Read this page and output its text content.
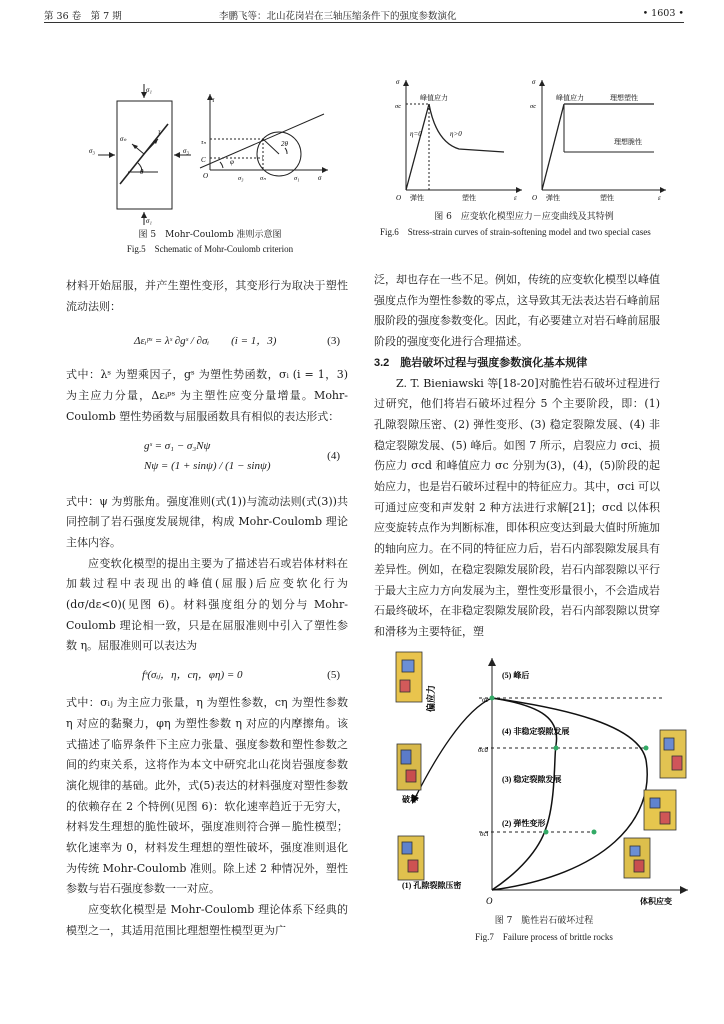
第 36 卷　第 7 期	李鹏飞等：北山花岗岩在三轴压缩条件下的强度参数演化	• 1603 •
σ₁
σ₁
σ₃	σ₃
σₙ
τ
θ
τ
τₙ
C
O
φ
2θ
σ₃	σₙ	σ₁	σ
图 5　Mohr-Coulomb 准则示意图
Fig.5　Schematic of Mohr-Coulomb criterion
σ
σc
峰值应力
η=0	η>0
O 弹性	塑性	ε
σ
σc
峰值应力	理想塑性
理想脆性
O 弹性	塑性	ε
图 6　应变软化模型应力－应变曲线及其特例
Fig.6　Stress-strain curves of strain-softening model and two special cases

材料开始屈服，并产生塑性变形，其变形行为取决于塑性流动法则：

Δεᵢᵖˢ = λˢ ∂gˢ / ∂σᵢ　　(i = 1，3)	(3)

式中：λˢ 为塑乘因子，gˢ 为塑性势函数，σᵢ (i = 1，3) 为主应力分量，Δεᵢᵖˢ 为主塑性应变分量增量。Mohr-Coulomb 塑性势函数与屈服函数具有相似的表达形式：

gˢ = σ₁ − σ₃Nψ
Nψ = (1 + sinψ) / (1 − sinψ)
(4)

式中：ψ 为剪胀角。强度准则(式(1))与流动法则(式(3))共同控制了岩石强度发展规律，构成 Mohr-Coulomb 理论主体内容。

应变软化模型的提出主要为了描述岩石或岩体材料在加载过程中表现出的峰值(屈服)后应变软化行为(dσ/dε<0)(见图 6)。材料强度组分的划分与 Mohr-Coulomb 理论相一致，只是在屈服准则中引入了塑性参数 η。屈服准则可以表达为

fˢ(σᵢⱼ，η，cη，φη) = 0	(5)

式中：σᵢⱼ 为主应力张量，η 为塑性参数，cη 为塑性参数 η 对应的黏聚力，φη 为塑性参数 η 对应的内摩擦角。该式描述了临界条件下主应力张量、强度参数和塑性参数之间的约束关系，这将作为本文中研究北山花岗岩强度参数演化规律的基础。此外，式(5)表达的材料强度对塑性参数的依赖存在 2 个特例(见图 6)：软化速率趋近于无穷大，材料发生理想的脆性破坏，强度准则符合弹－脆性模型；软化速率为 0，材料发生理想的塑性破坏，强度准则退化为传统 Mohr-Coulomb 准则。除上述 2 种情况外，塑性参数与岩石强度参数一一对应。

应变软化模型是 Mohr-Coulomb 理论体系下经典的模型之一，其适用范围比理想塑性模型更为广

泛，却也存在一些不足。例如，传统的应变软化模型以峰值强度点作为塑性参数的零点，这导致其无法表达岩石峰前屈服阶段的强度参数变化。因此，有必要建立对岩石峰前屈服阶段的强度变化进行合理描述。

3.2　脆岩破坏过程与强度参数演化基本规律

Z. T. Bieniawski 等[18-20]对脆性岩石破坏过程进行过研究，他们将岩石破坏过程分 5 个主要阶段，即：(1) 孔隙裂隙压密、(2) 弹性变形、(3) 稳定裂隙发展、(4) 非稳定裂隙发展、(5) 峰后。如图 7 所示，启裂应力 σci、损伤应力 σcd 和峰值应力 σc 分别为(3)，(4)，(5)阶段的起始应力，也是岩石破坏过程中的特征应力。其中，σci 可以可通过应变和声发射 2 种方法进行求解[21]；σcd 以体积应变旋转点作为判断标准，即体积应变达到最大值时所施加的轴向应力。在不同的特征应力后，岩石内部裂隙发展具有差异性。例如，在稳定裂隙发展阶段，岩石内部裂隙以平行于最大主应力方向发展为主，塑性变形量很小，不会造成岩石最终破坏，在非稳定裂隙发展阶段，岩石内部裂隙以贯穿和滑移为主要特征，塑

偏应力
(5) 峰后
σc
σcd
σci
(4) 非稳定裂隙发展
(3) 稳定裂隙发展
(2) 弹性变形
(1) 孔隙裂隙压密
破坏
O	体积应变
图 7　脆性岩石破坏过程
Fig.7　Failure process of brittle rocks
